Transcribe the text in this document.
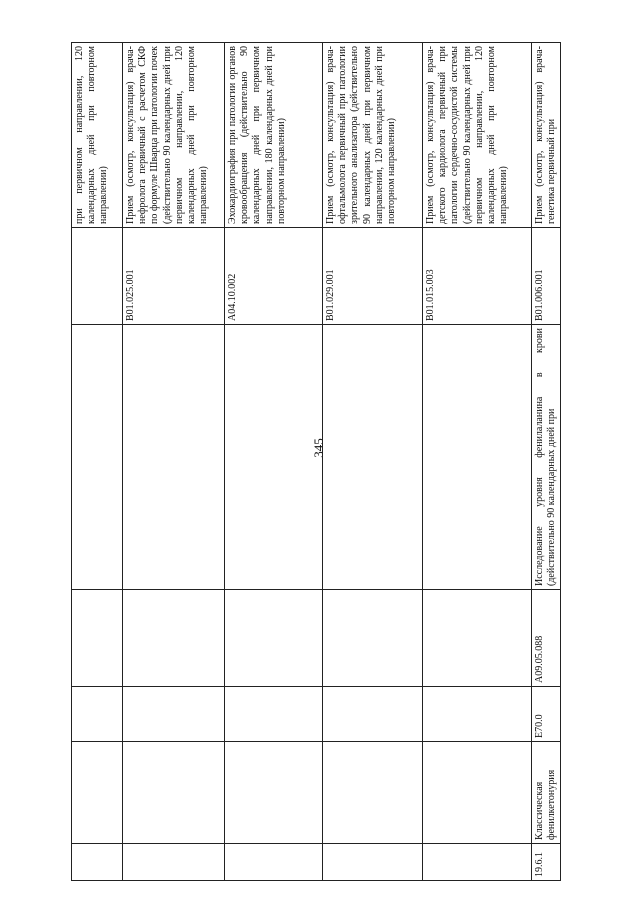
345
						при первичном направлении, 120 календарных дней при повторном направлении)
					B01.025.001	Прием (осмотр, консультация) врача-нефролога первичный с расчетом СКФ по формуле Шварца при патологии почек (действительно 90 календарных дней при первичном направлении, 120 календарных дней при повторном направлении)
					A04.10.002	Эхокардиография при патологии органов кровообращения (действительно 90 календарных дней при первичном направлении, 180 календарных дней при повторном направлении)
					B01.029.001	Прием (осмотр, консультация) врача-офтальмолога первичный при патологии зрительного анализатора (действительно 90 календарных дней при первичном направлении, 120 календарных дней при повторном направлении)
					B01.015.003	Прием (осмотр, консультация) врача-детского кардиолога первичный при патологии сердечно-сосудистой системы (действительно 90 календарных дней при первичном направлении, 120 календарных дней при повторном направлении)
19.6.1	Классическая фенилкетонурия	E70.0	A09.05.088	Исследование уровня фенилаланина в крови (действительно 90 календарных дней при	B01.006.001	Прием (осмотр, консультация) врача-генетика первичный при
